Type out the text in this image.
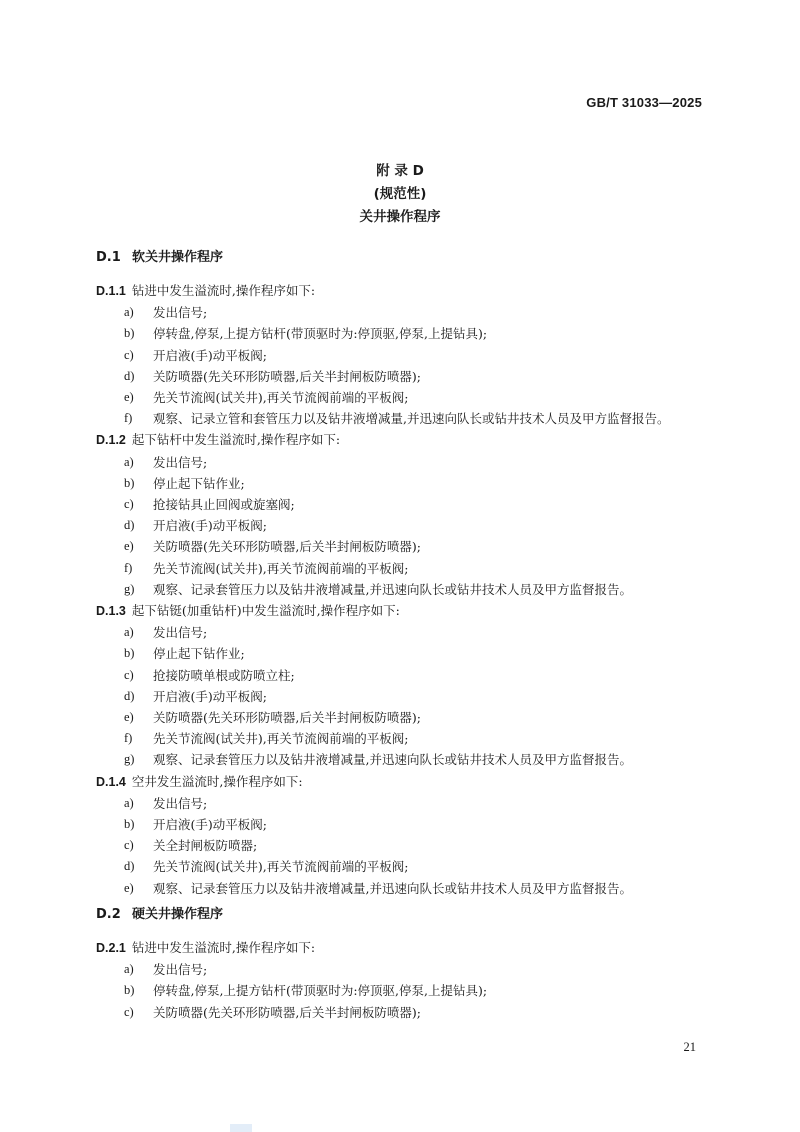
GB/T 31033—2025
附 录 D
(规范性)
关井操作程序
D.1 软关井操作程序
D.1.1 钻进中发生溢流时,操作程序如下:
a) 发出信号;
b) 停转盘,停泵,上提方钻杆(带顶驱时为:停顶驱,停泵,上提钻具);
c) 开启液(手)动平板阀;
d) 关防喷器(先关环形防喷器,后关半封闸板防喷器);
e) 先关节流阀(试关井),再关节流阀前端的平板阀;
f) 观察、记录立管和套管压力以及钻井液增减量,并迅速向队长或钻井技术人员及甲方监督报告。
D.1.2 起下钻杆中发生溢流时,操作程序如下:
a) 发出信号;
b) 停止起下钻作业;
c) 抢接钻具止回阀或旋塞阀;
d) 开启液(手)动平板阀;
e) 关防喷器(先关环形防喷器,后关半封闸板防喷器);
f) 先关节流阀(试关井),再关节流阀前端的平板阀;
g) 观察、记录套管压力以及钻井液增减量,并迅速向队长或钻井技术人员及甲方监督报告。
D.1.3 起下钻铤(加重钻杆)中发生溢流时,操作程序如下:
a) 发出信号;
b) 停止起下钻作业;
c) 抢接防喷单根或防喷立柱;
d) 开启液(手)动平板阀;
e) 关防喷器(先关环形防喷器,后关半封闸板防喷器);
f) 先关节流阀(试关井),再关节流阀前端的平板阀;
g) 观察、记录套管压力以及钻井液增减量,并迅速向队长或钻井技术人员及甲方监督报告。
D.1.4 空井发生溢流时,操作程序如下:
a) 发出信号;
b) 开启液(手)动平板阀;
c) 关全封闸板防喷器;
d) 先关节流阀(试关井),再关节流阀前端的平板阀;
e) 观察、记录套管压力以及钻井液增减量,并迅速向队长或钻井技术人员及甲方监督报告。
D.2 硬关井操作程序
D.2.1 钻进中发生溢流时,操作程序如下:
a) 发出信号;
b) 停转盘,停泵,上提方钻杆(带顶驱时为:停顶驱,停泵,上提钻具);
c) 关防喷器(先关环形防喷器,后关半封闸板防喷器);
21
